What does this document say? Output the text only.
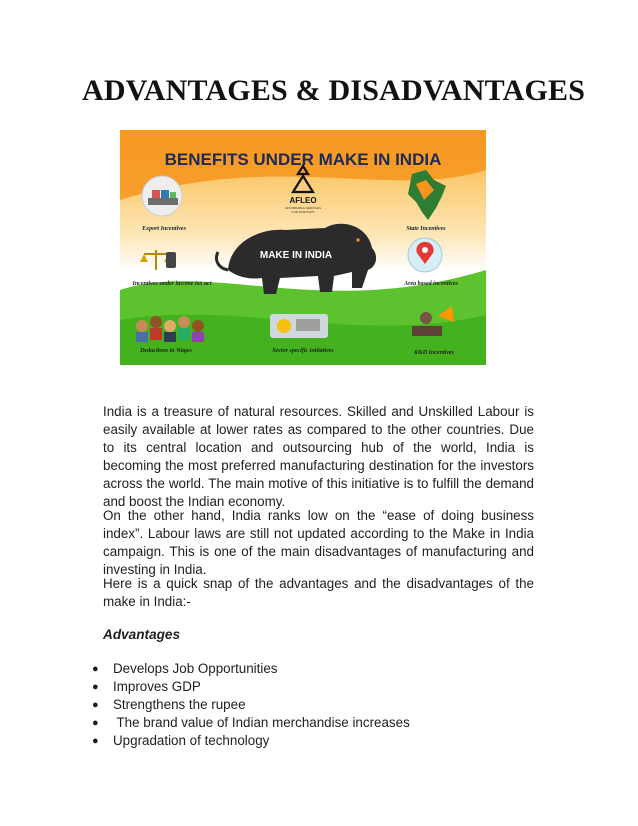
ADVANTAGES & DISADVANTAGES
BENEFITS UNDER MAKE IN INDIA
AFLEO
AFFORDABLE SERVICES
FOR STARTUPS
MAKE IN INDIA
Export Incentives	State Incentives
Incentives under income tax act	Area based incentives
Deductions in Wages	Sector specific initiatives	R&D Incentives

India is a treasure of natural resources. Skilled and Unskilled Labour is easily available at lower rates as compared to the other countries. Due to its central location and outsourcing hub of the world, India is becoming the most preferred manufacturing destination for the investors across the world. The main motive of this initiative is to fulfill the demand and boost the Indian economy.

On the other hand, India ranks low on the “ease of doing business index”. Labour laws are still not updated according to the Make in India campaign. This is one of the main disadvantages of manufacturing and investing in India.

Here is a quick snap of the advantages and the disadvantages of the make in India:-

Advantages

● Develops Job Opportunities
● Improves GDP
● Strengthens the rupee
● The brand value of Indian merchandise increases
● Upgradation of technology
